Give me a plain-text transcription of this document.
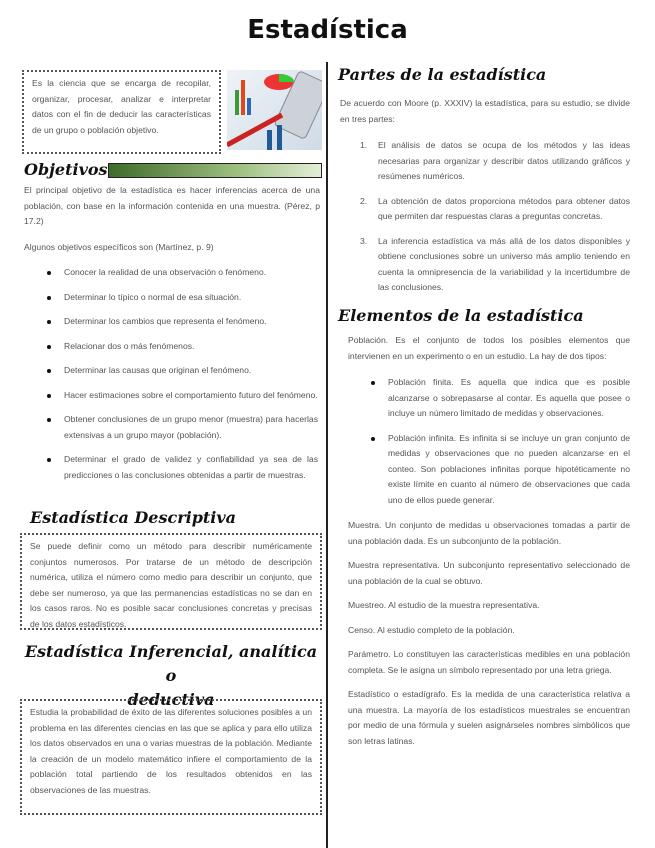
Estadística
Es la ciencia que se encarga de recopilar, organizar, procesar, analizar e interpretar datos con el fin de deducir las características de un grupo o población objetivo.
Objetivos
El principal objetivo de la estadística es hacer inferencias acerca de una población, con base en la información contenida en una muestra. (Pérez, p 17.2)
Algunos objetivos específicos son (Martínez, p. 9)
Conocer la realidad de una observación o fenómeno.
Determinar lo típico o normal de esa situación.
Determinar los cambios que representa el fenómeno.
Relacionar dos o más fenómenos.
Determinar las causas que originan el fenómeno.
Hacer estimaciones sobre el comportamiento futuro del fenómeno.
Obtener conclusiones de un grupo menor (muestra) para hacerlas extensivas a un grupo mayor (población).
Determinar el grado de validez y confiabilidad ya sea de las predicciones o las conclusiones obtenidas a partir de muestras.
Estadística Descriptiva
Se puede definir como un método para describir numéricamente conjuntos numerosos. Por tratarse de un método de descripción numérica, utiliza el número como medio para describir un conjunto, que debe ser numeroso, ya que las permanencias estadísticas no se dan en los casos raros. No es posible sacar conclusiones concretas y precisas de los datos estadísticos.
Estadística Inferencial, analítica o
deductiva
Estudia la probabilidad de éxito de las diferentes soluciones posibles a un problema en las diferentes ciencias en las que se aplica y para ello utiliza los datos observados en una o varias muestras de la población. Mediante la creación de un modelo matemático infiere el comportamiento de la población total partiendo de los resultados obtenidos en las observaciones de las muestras.
Partes de la estadística
De acuerdo con Moore (p. XXXIV) la estadística, para su estudio, se divide en tres partes:
1. El análisis de datos se ocupa de los métodos y las ideas necesarias para organizar y describir datos utilizando gráficos y resúmenes numéricos.
2. La obtención de datos proporciona métodos para obtener datos que permiten dar respuestas claras a preguntas concretas.
3. La inferencia estadística va más allá de los datos disponibles y obtiene conclusiones sobre un universo más amplio teniendo en cuenta la omnipresencia de la variabilidad y la incertidumbre de las conclusiones.
Elementos de la estadística
Población. Es el conjunto de todos los posibles elementos que intervienen en un experimento o en un estudio. La hay de dos tipos:
Población finita. Es aquella que indica que es posible alcanzarse o sobrepasarse al contar. Es aquella que posee o incluye un número limitado de medidas y observaciones.
Población infinita. Es infinita si se incluye un gran conjunto de medidas y observaciones que no pueden alcanzarse en el conteo. Son poblaciones infinitas porque hipotéticamente no existe límite en cuanto al número de observaciones que cada uno de ellos puede generar.

Muestra. Un conjunto de medidas u observaciones tomadas a partir de una población dada. Es un subconjunto de la población.

Muestra representativa. Un subconjunto representativo seleccionado de una población de la cual se obtuvo.

Muestreo. Al estudio de la muestra representativa.

Censo. Al estudio completo de la población.

Parámetro. Lo constituyen las características medibles en una población completa. Se le asigna un símbolo representado por una letra griega.

Estadístico o estadígrafo. Es la medida de una característica relativa a una muestra. La mayoría de los estadísticos muestrales se encuentran por medio de una fórmula y suelen asignárseles nombres simbólicos que son letras latinas.
